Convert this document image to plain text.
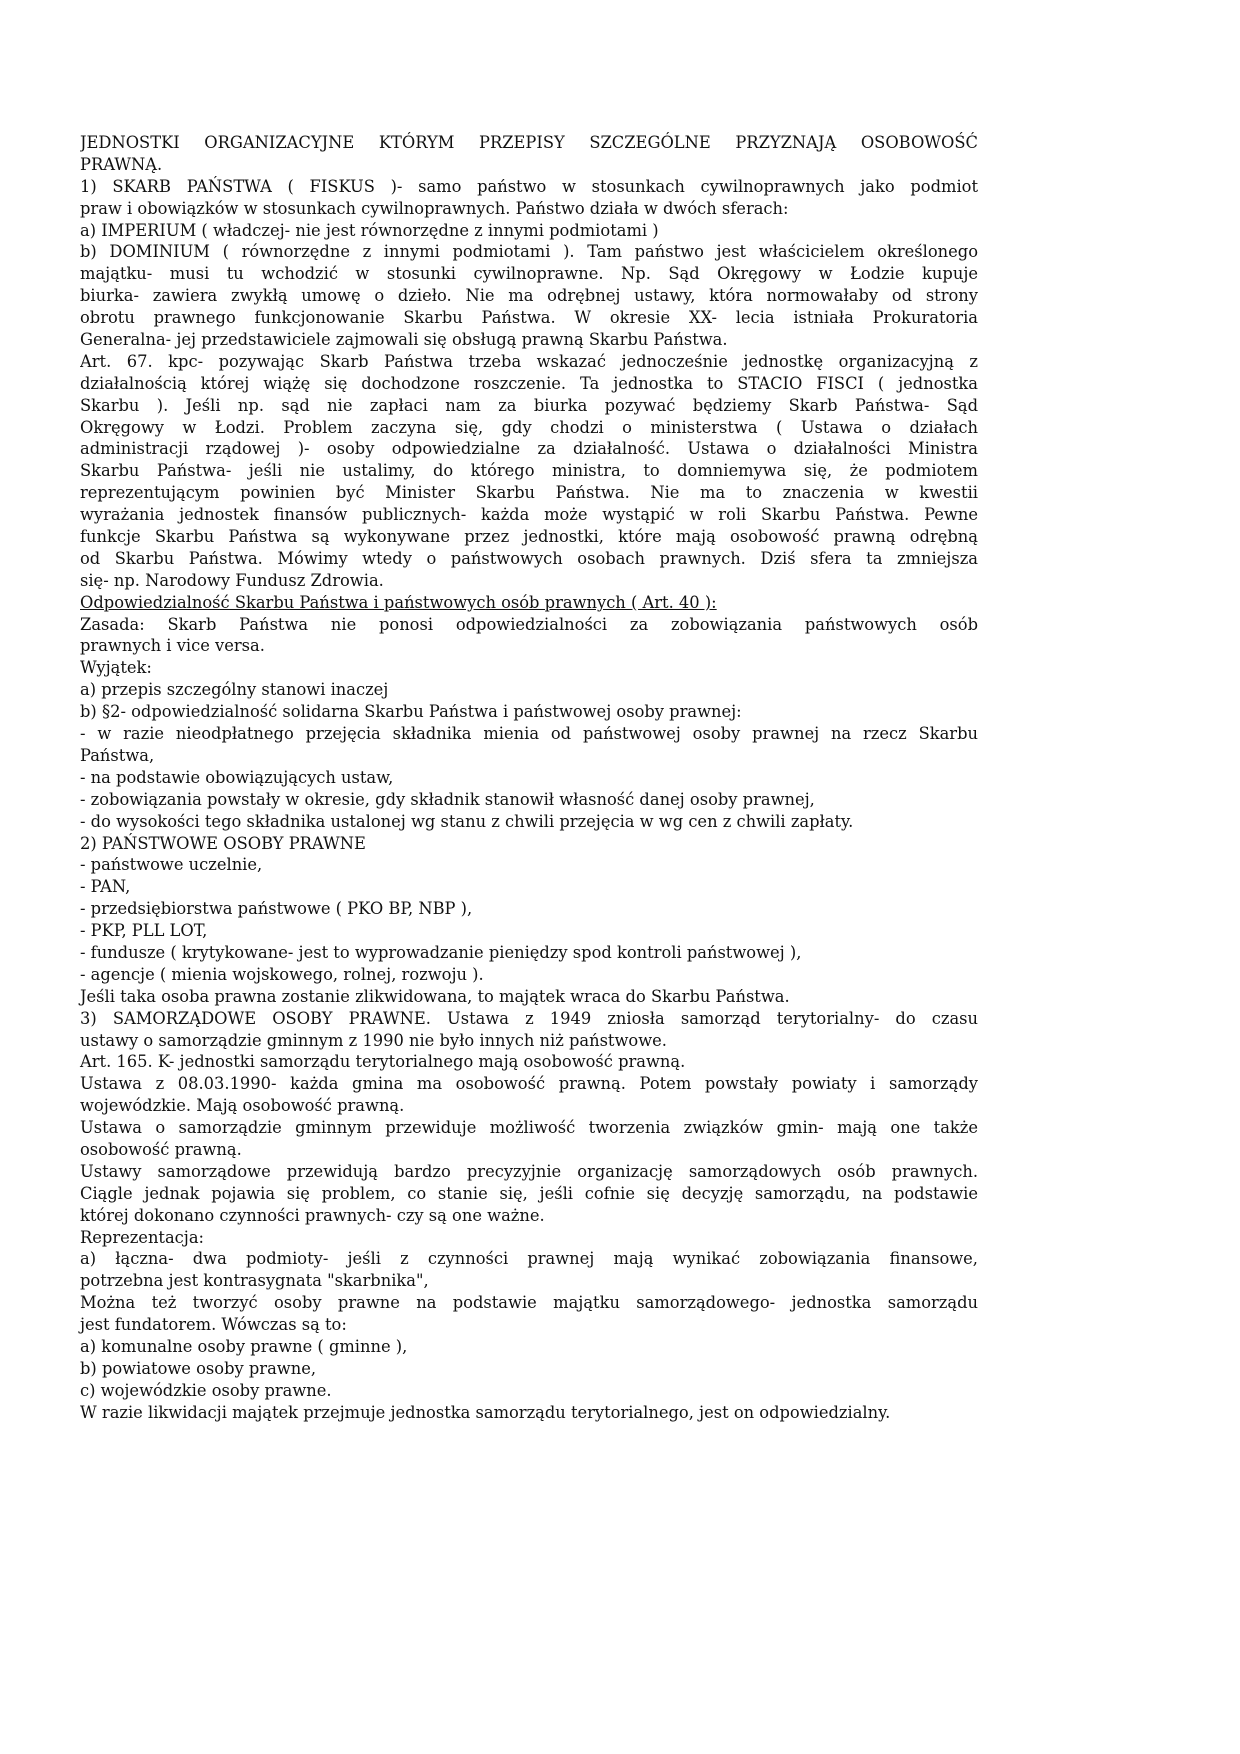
JEDNOSTKI ORGANIZACYJNE KTÓRYM PRZEPISY SZCZEGÓLNE PRZYZNAJĄ OSOBOWOŚĆ
PRAWNĄ.
1) SKARB PAŃSTWA ( FISKUS )- samo państwo w stosunkach cywilnoprawnych jako podmiot
praw i obowiązków w stosunkach cywilnoprawnych. Państwo działa w dwóch sferach:
a) IMPERIUM ( władczej- nie jest równorzędne z innymi podmiotami )
b) DOMINIUM ( równorzędne z innymi podmiotami ). Tam państwo jest właścicielem określonego
majątku- musi tu wchodzić w stosunki cywilnoprawne. Np. Sąd Okręgowy w Łodzie kupuje
biurka- zawiera zwykłą umowę o dzieło. Nie ma odrębnej ustawy, która normowałaby od strony
obrotu prawnego funkcjonowanie Skarbu Państwa. W okresie XX- lecia istniała Prokuratoria
Generalna- jej przedstawiciele zajmowali się obsługą prawną Skarbu Państwa.
Art. 67. kpc- pozywając Skarb Państwa trzeba wskazać jednocześnie jednostkę organizacyjną z
działalnością której wiążę się dochodzone roszczenie. Ta jednostka to STACIO FISCI ( jednostka
Skarbu ). Jeśli np. sąd nie zapłaci nam za biurka pozywać będziemy Skarb Państwa- Sąd
Okręgowy w Łodzi. Problem zaczyna się, gdy chodzi o ministerstwa ( Ustawa o działach
administracji rządowej )- osoby odpowiedzialne za działalność. Ustawa o działalności Ministra
Skarbu Państwa- jeśli nie ustalimy, do którego ministra, to domniemywa się, że podmiotem
reprezentującym powinien być Minister Skarbu Państwa. Nie ma to znaczenia w kwestii
wyrażania jednostek finansów publicznych- każda może wystąpić w roli Skarbu Państwa. Pewne
funkcje Skarbu Państwa są wykonywane przez jednostki, które mają osobowość prawną odrębną
od Skarbu Państwa. Mówimy wtedy o państwowych osobach prawnych. Dziś sfera ta zmniejsza
się- np. Narodowy Fundusz Zdrowia.
Odpowiedzialność Skarbu Państwa i państwowych osób prawnych ( Art. 40 ):
Zasada: Skarb Państwa nie ponosi odpowiedzialności za zobowiązania państwowych osób
prawnych i vice versa.
Wyjątek:
a) przepis szczególny stanowi inaczej
b) §2- odpowiedzialność solidarna Skarbu Państwa i państwowej osoby prawnej:
- w razie nieodpłatnego przejęcia składnika mienia od państwowej osoby prawnej na rzecz Skarbu
Państwa,
- na podstawie obowiązujących ustaw,
- zobowiązania powstały w okresie, gdy składnik stanowił własność danej osoby prawnej,
- do wysokości tego składnika ustalonej wg stanu z chwili przejęcia w wg cen z chwili zapłaty.
2) PAŃSTWOWE OSOBY PRAWNE
- państwowe uczelnie,
- PAN,
- przedsiębiorstwa państwowe ( PKO BP, NBP ),
- PKP, PLL LOT,
- fundusze ( krytykowane- jest to wyprowadzanie pieniędzy spod kontroli państwowej ),
- agencje ( mienia wojskowego, rolnej, rozwoju ).
Jeśli taka osoba prawna zostanie zlikwidowana, to majątek wraca do Skarbu Państwa.
3) SAMORZĄDOWE OSOBY PRAWNE. Ustawa z 1949 zniosła samorząd terytorialny- do czasu
ustawy o samorządzie gminnym z 1990 nie było innych niż państwowe.
Art. 165. K- jednostki samorządu terytorialnego mają osobowość prawną.
Ustawa z 08.03.1990- każda gmina ma osobowość prawną. Potem powstały powiaty i samorządy
wojewódzkie. Mają osobowość prawną.
Ustawa o samorządzie gminnym przewiduje możliwość tworzenia związków gmin- mają one także
osobowość prawną.
Ustawy samorządowe przewidują bardzo precyzyjnie organizację samorządowych osób prawnych.
Ciągle jednak pojawia się problem, co stanie się, jeśli cofnie się decyzję samorządu, na podstawie
której dokonano czynności prawnych- czy są one ważne.
Reprezentacja:
a) łączna- dwa podmioty- jeśli z czynności prawnej mają wynikać zobowiązania finansowe,
potrzebna jest kontrasygnata "skarbnika",
Można też tworzyć osoby prawne na podstawie majątku samorządowego- jednostka samorządu
jest fundatorem. Wówczas są to:
a) komunalne osoby prawne ( gminne ),
b) powiatowe osoby prawne,
c) wojewódzkie osoby prawne.
W razie likwidacji majątek przejmuje jednostka samorządu terytorialnego, jest on odpowiedzialny.
